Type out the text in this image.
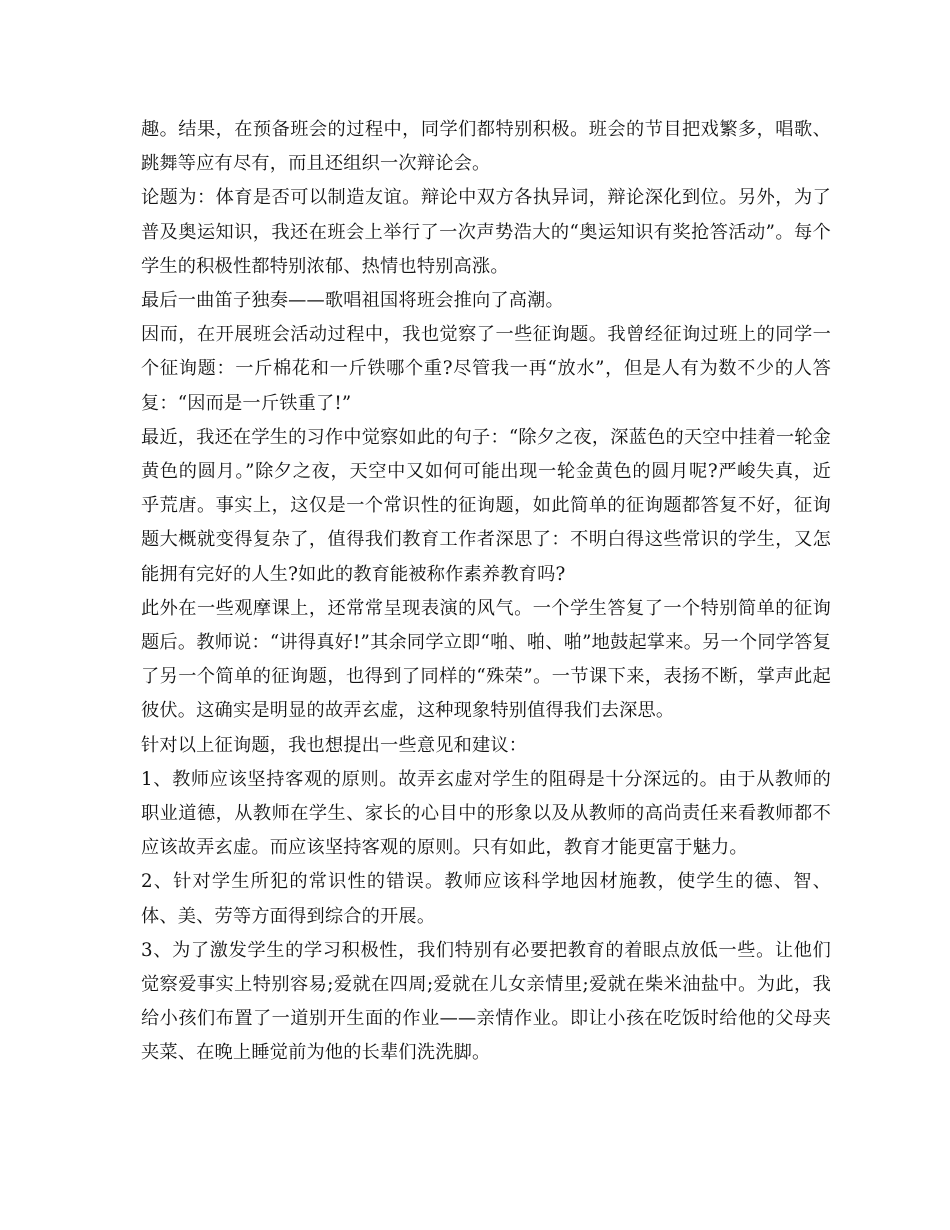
趣。结果，在预备班会的过程中，同学们都特别积极。班会的节目把戏繁多，唱歌、跳舞等应有尽有，而且还组织一次辩论会。

论题为：体育是否可以制造友谊。辩论中双方各执异词，辩论深化到位。另外，为了普及奥运知识，我还在班会上举行了一次声势浩大的“奥运知识有奖抢答活动”。每个学生的积极性都特别浓郁、热情也特别高涨。

最后一曲笛子独奏——歌唱祖国将班会推向了高潮。

因而，在开展班会活动过程中，我也觉察了一些征询题。我曾经征询过班上的同学一个征询题：一斤棉花和一斤铁哪个重?尽管我一再“放水”，但是人有为数不少的人答复：“因而是一斤铁重了!”

最近，我还在学生的习作中觉察如此的句子：“除夕之夜，深蓝色的天空中挂着一轮金黄色的圆月。”除夕之夜，天空中又如何可能出现一轮金黄色的圆月呢?严峻失真，近乎荒唐。事实上，这仅是一个常识性的征询题，如此简单的征询题都答复不好，征询题大概就变得复杂了，值得我们教育工作者深思了：不明白得这些常识的学生，又怎能拥有完好的人生?如此的教育能被称作素养教育吗?

此外在一些观摩课上，还常常呈现表演的风气。一个学生答复了一个特别简单的征询题后。教师说：“讲得真好!”其余同学立即“啪、啪、啪”地鼓起掌来。另一个同学答复了另一个简单的征询题，也得到了同样的“殊荣”。一节课下来，表扬不断，掌声此起彼伏。这确实是明显的故弄玄虚，这种现象特别值得我们去深思。

针对以上征询题，我也想提出一些意见和建议：

1、教师应该坚持客观的原则。故弄玄虚对学生的阻碍是十分深远的。由于从教师的职业道德，从教师在学生、家长的心目中的形象以及从教师的高尚责任来看教师都不应该故弄玄虚。而应该坚持客观的原则。只有如此，教育才能更富于魅力。

2、针对学生所犯的常识性的错误。教师应该科学地因材施教，使学生的德、智、体、美、劳等方面得到综合的开展。

3、为了激发学生的学习积极性，我们特别有必要把教育的着眼点放低一些。让他们觉察爱事实上特别容易;爱就在四周;爱就在儿女亲情里;爱就在柴米油盐中。为此，我给小孩们布置了一道别开生面的作业——亲情作业。即让小孩在吃饭时给他的父母夹夹菜、在晚上睡觉前为他的长辈们洗洗脚。
